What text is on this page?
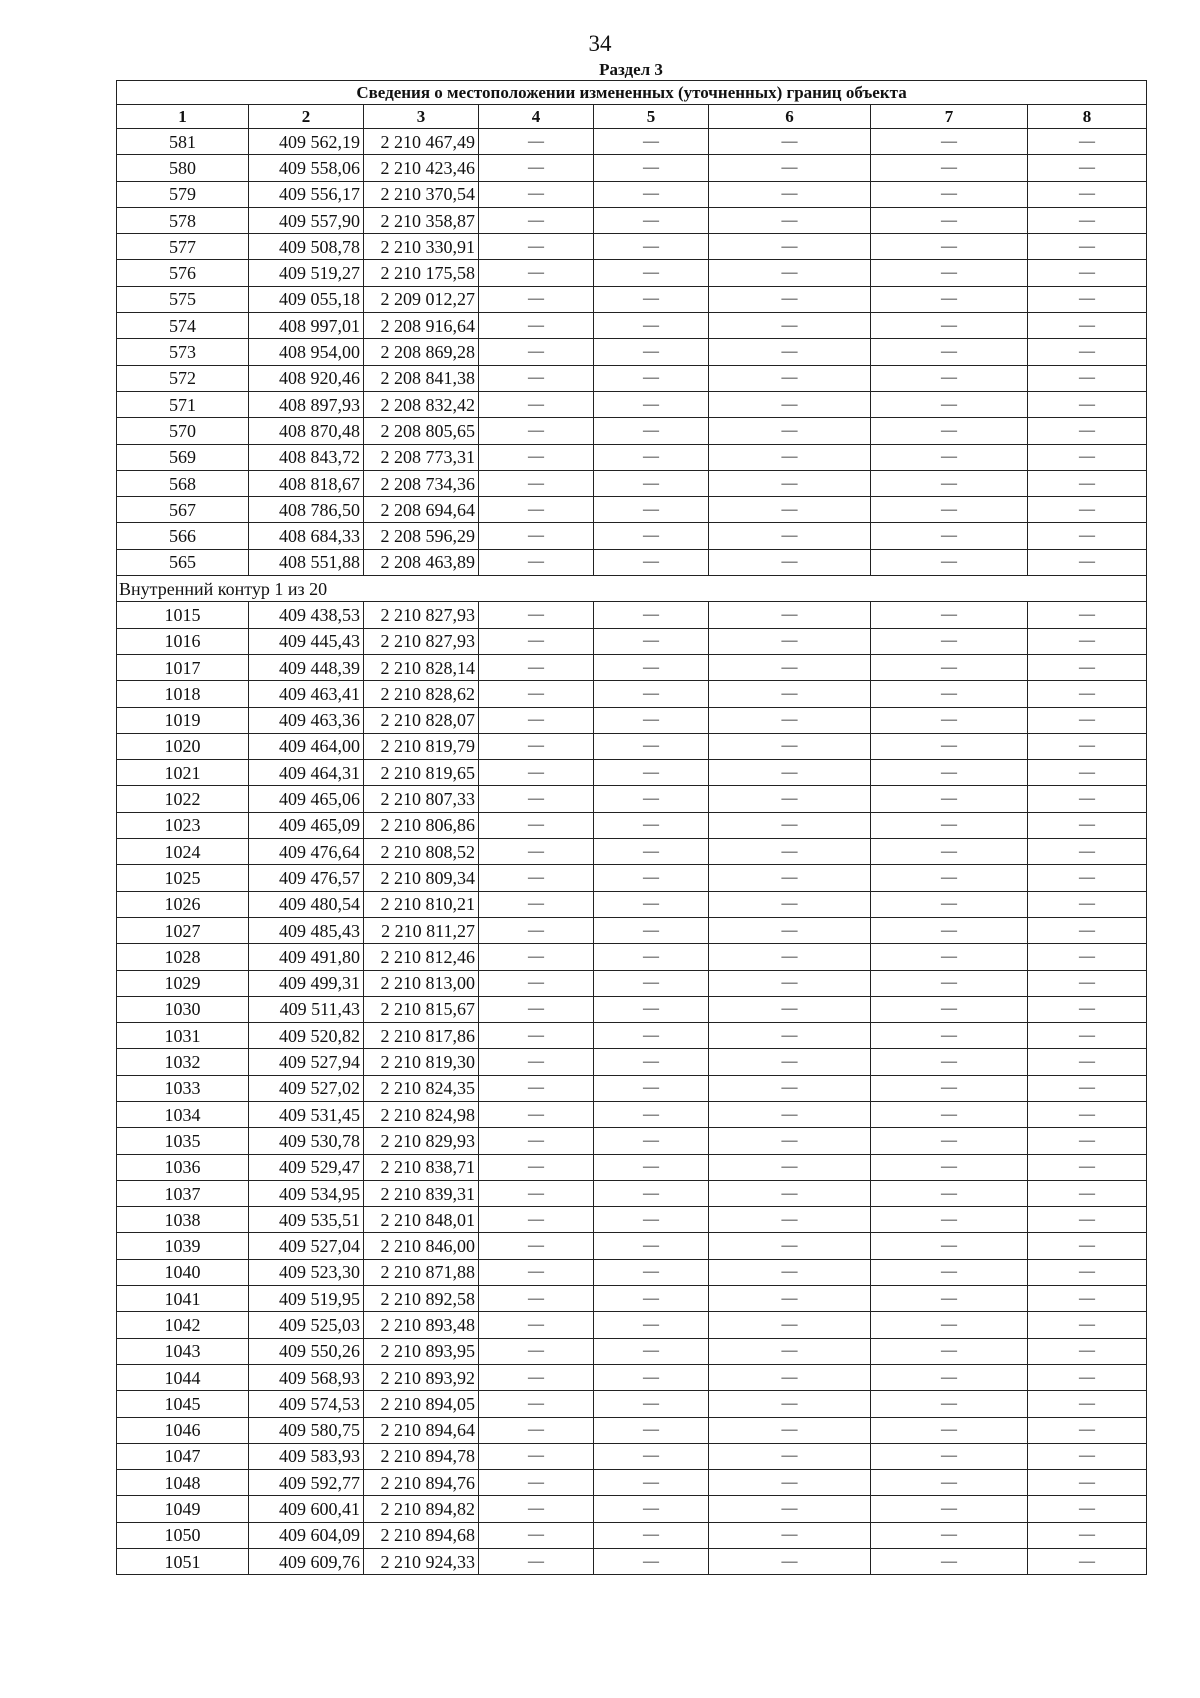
34
Раздел 3
Сведения о местоположении измененных (уточненных) границ объекта							
1	2	3	4	5	6	7	8
581	409 562,19	2 210 467,49	—	—	—	—	—
580	409 558,06	2 210 423,46	—	—	—	—	—
579	409 556,17	2 210 370,54	—	—	—	—	—
578	409 557,90	2 210 358,87	—	—	—	—	—
577	409 508,78	2 210 330,91	—	—	—	—	—
576	409 519,27	2 210 175,58	—	—	—	—	—
575	409 055,18	2 209 012,27	—	—	—	—	—
574	408 997,01	2 208 916,64	—	—	—	—	—
573	408 954,00	2 208 869,28	—	—	—	—	—
572	408 920,46	2 208 841,38	—	—	—	—	—
571	408 897,93	2 208 832,42	—	—	—	—	—
570	408 870,48	2 208 805,65	—	—	—	—	—
569	408 843,72	2 208 773,31	—	—	—	—	—
568	408 818,67	2 208 734,36	—	—	—	—	—
567	408 786,50	2 208 694,64	—	—	—	—	—
566	408 684,33	2 208 596,29	—	—	—	—	—
565	408 551,88	2 208 463,89	—	—	—	—	—
Внутренний контур 1 из 20							
1015	409 438,53	2 210 827,93	—	—	—	—	—
1016	409 445,43	2 210 827,93	—	—	—	—	—
1017	409 448,39	2 210 828,14	—	—	—	—	—
1018	409 463,41	2 210 828,62	—	—	—	—	—
1019	409 463,36	2 210 828,07	—	—	—	—	—
1020	409 464,00	2 210 819,79	—	—	—	—	—
1021	409 464,31	2 210 819,65	—	—	—	—	—
1022	409 465,06	2 210 807,33	—	—	—	—	—
1023	409 465,09	2 210 806,86	—	—	—	—	—
1024	409 476,64	2 210 808,52	—	—	—	—	—
1025	409 476,57	2 210 809,34	—	—	—	—	—
1026	409 480,54	2 210 810,21	—	—	—	—	—
1027	409 485,43	2 210 811,27	—	—	—	—	—
1028	409 491,80	2 210 812,46	—	—	—	—	—
1029	409 499,31	2 210 813,00	—	—	—	—	—
1030	409 511,43	2 210 815,67	—	—	—	—	—
1031	409 520,82	2 210 817,86	—	—	—	—	—
1032	409 527,94	2 210 819,30	—	—	—	—	—
1033	409 527,02	2 210 824,35	—	—	—	—	—
1034	409 531,45	2 210 824,98	—	—	—	—	—
1035	409 530,78	2 210 829,93	—	—	—	—	—
1036	409 529,47	2 210 838,71	—	—	—	—	—
1037	409 534,95	2 210 839,31	—	—	—	—	—
1038	409 535,51	2 210 848,01	—	—	—	—	—
1039	409 527,04	2 210 846,00	—	—	—	—	—
1040	409 523,30	2 210 871,88	—	—	—	—	—
1041	409 519,95	2 210 892,58	—	—	—	—	—
1042	409 525,03	2 210 893,48	—	—	—	—	—
1043	409 550,26	2 210 893,95	—	—	—	—	—
1044	409 568,93	2 210 893,92	—	—	—	—	—
1045	409 574,53	2 210 894,05	—	—	—	—	—
1046	409 580,75	2 210 894,64	—	—	—	—	—
1047	409 583,93	2 210 894,78	—	—	—	—	—
1048	409 592,77	2 210 894,76	—	—	—	—	—
1049	409 600,41	2 210 894,82	—	—	—	—	—
1050	409 604,09	2 210 894,68	—	—	—	—	—
1051	409 609,76	2 210 924,33	—	—	—	—	—
